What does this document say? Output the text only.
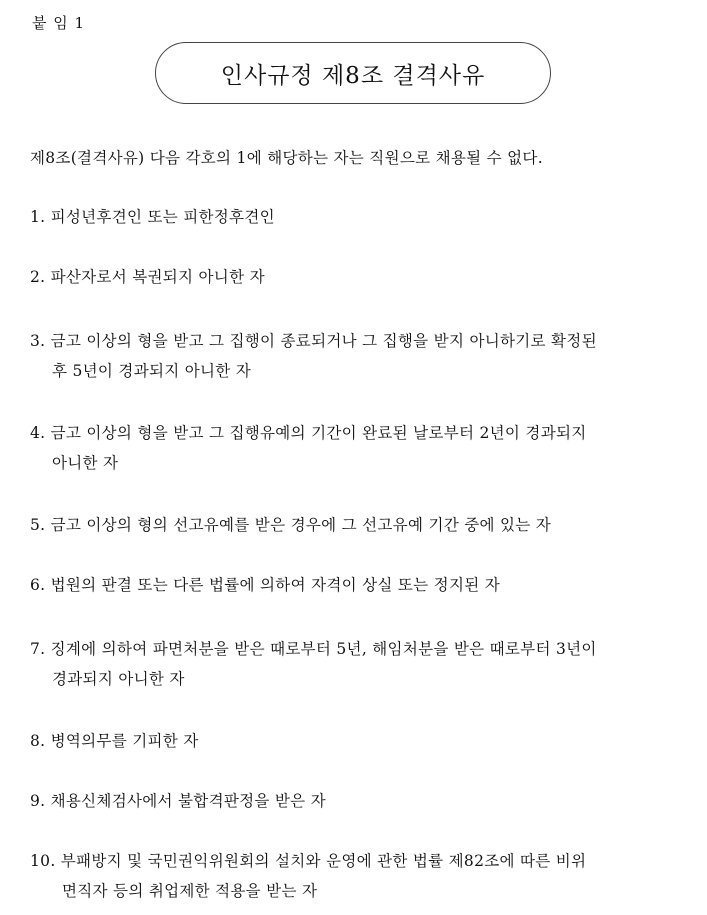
붙 임 1
인사규정 제8조 결격사유
제8조(결격사유) 다음 각호의 1에 해당하는 자는 직원으로 채용될 수 없다.
1. 피성년후견인 또는 피한정후견인
2. 파산자로서 복권되지 아니한 자
3. 금고 이상의 형을 받고 그 집행이 종료되거나 그 집행을 받지 아니하기로 확정된
후 5년이 경과되지 아니한 자
4. 금고 이상의 형을 받고 그 집행유예의 기간이 완료된 날로부터 2년이 경과되지
아니한 자
5. 금고 이상의 형의 선고유예를 받은 경우에 그 선고유예 기간 중에 있는 자
6. 법원의 판결 또는 다른 법률에 의하여 자격이 상실 또는 정지된 자
7. 징계에 의하여 파면처분을 받은 때로부터 5년, 해임처분을 받은 때로부터 3년이
경과되지 아니한 자
8. 병역의무를 기피한 자
9. 채용신체검사에서 불합격판정을 받은 자
10. 부패방지 및 국민권익위원회의 설치와 운영에 관한 법률 제82조에 따른 비위
면직자 등의 취업제한 적용을 받는 자
